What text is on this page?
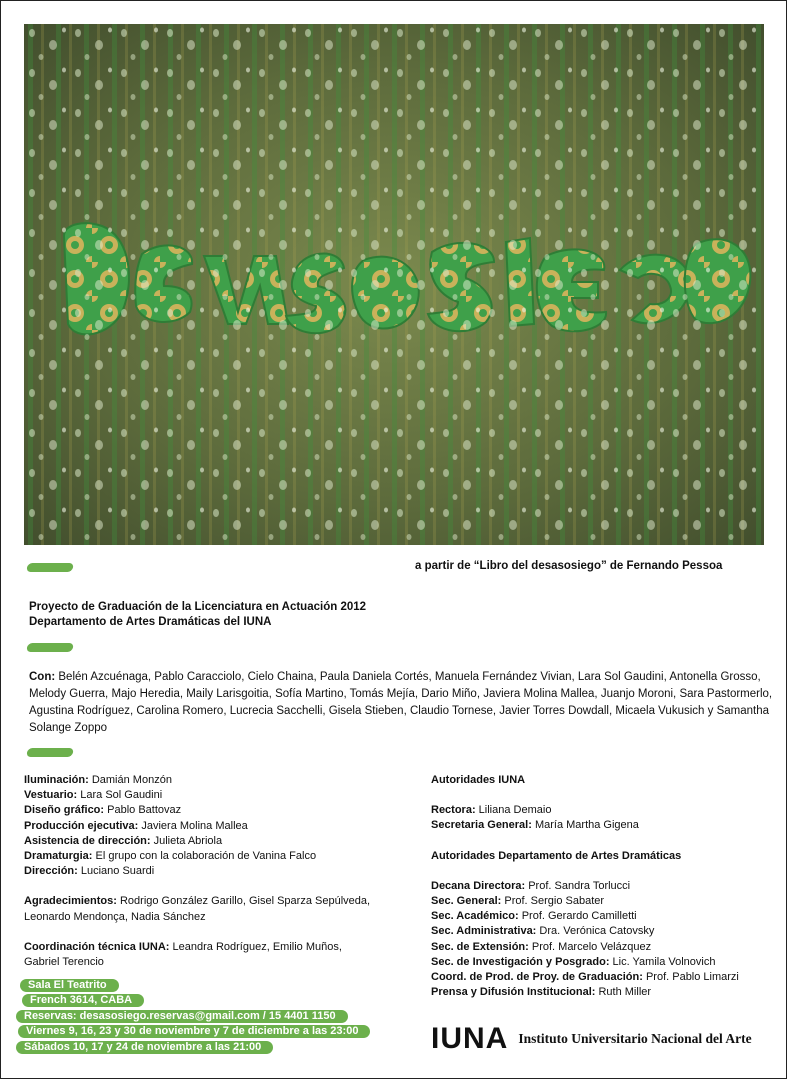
a partir de “Libro del desasosiego” de Fernando Pessoa
Proyecto de Graduación de la Licenciatura en Actuación 2012
Departamento de Artes Dramáticas del IUNA
Con: Belén Azcuénaga, Pablo Caracciolo, Cielo Chaina, Paula Daniela Cortés, Manuela Fernández Vivian, Lara Sol Gaudini, Antonella Grosso, Melody Guerra, Majo Heredia, Maily Larisgoitia, Sofía Martino, Tomás Mejía, Dario Miño, Javiera Molina Mallea, Juanjo Moroni, Sara Pastormerlo, Agustina Rodríguez, Carolina Romero, Lucrecia Sacchelli, Gisela Stieben, Claudio Tornese, Javier Torres Dowdall, Micaela Vukusich y Samantha Solange Zoppo
Iluminación: Damián Monzón
Vestuario: Lara Sol Gaudini
Diseño gráfico: Pablo Battovaz
Producción ejecutiva: Javiera Molina Mallea
Asistencia de dirección: Julieta Abriola
Dramaturgia: El grupo con la colaboración de Vanina Falco
Dirección: Luciano Suardi
Agradecimientos: Rodrigo González Garillo, Gisel Sparza Sepúlveda,
Leonardo Mendonça, Nadia Sánchez
Coordinación técnica IUNA: Leandra Rodríguez, Emilio Muños,
Gabriel Terencio
Autoridades IUNA
Rectora: Liliana Demaio
Secretaria General: María Martha Gigena
Autoridades Departamento de Artes Dramáticas
Decana Directora: Prof. Sandra Torlucci
Sec. General: Prof. Sergio Sabater
Sec. Académico: Prof. Gerardo Camilletti
Sec. Administrativa: Dra. Verónica Catovsky
Sec. de Extensión: Prof. Marcelo Velázquez
Sec. de Investigación y Posgrado: Lic. Yamila Volnovich
Coord. de Prod. de Proy. de Graduación: Prof. Pablo Limarzi
Prensa y Difusión Institucional: Ruth Miller
Sala El Teatrito
French 3614, CABA
Reservas: desasosiego.reservas@gmail.com / 15 4401 1150
Viernes 9, 16, 23 y 30 de noviembre y 7 de diciembre a las 23:00
Sábados 10, 17 y 24 de noviembre a las 21:00	IUNA Instituto Universitario Nacional del Arte
